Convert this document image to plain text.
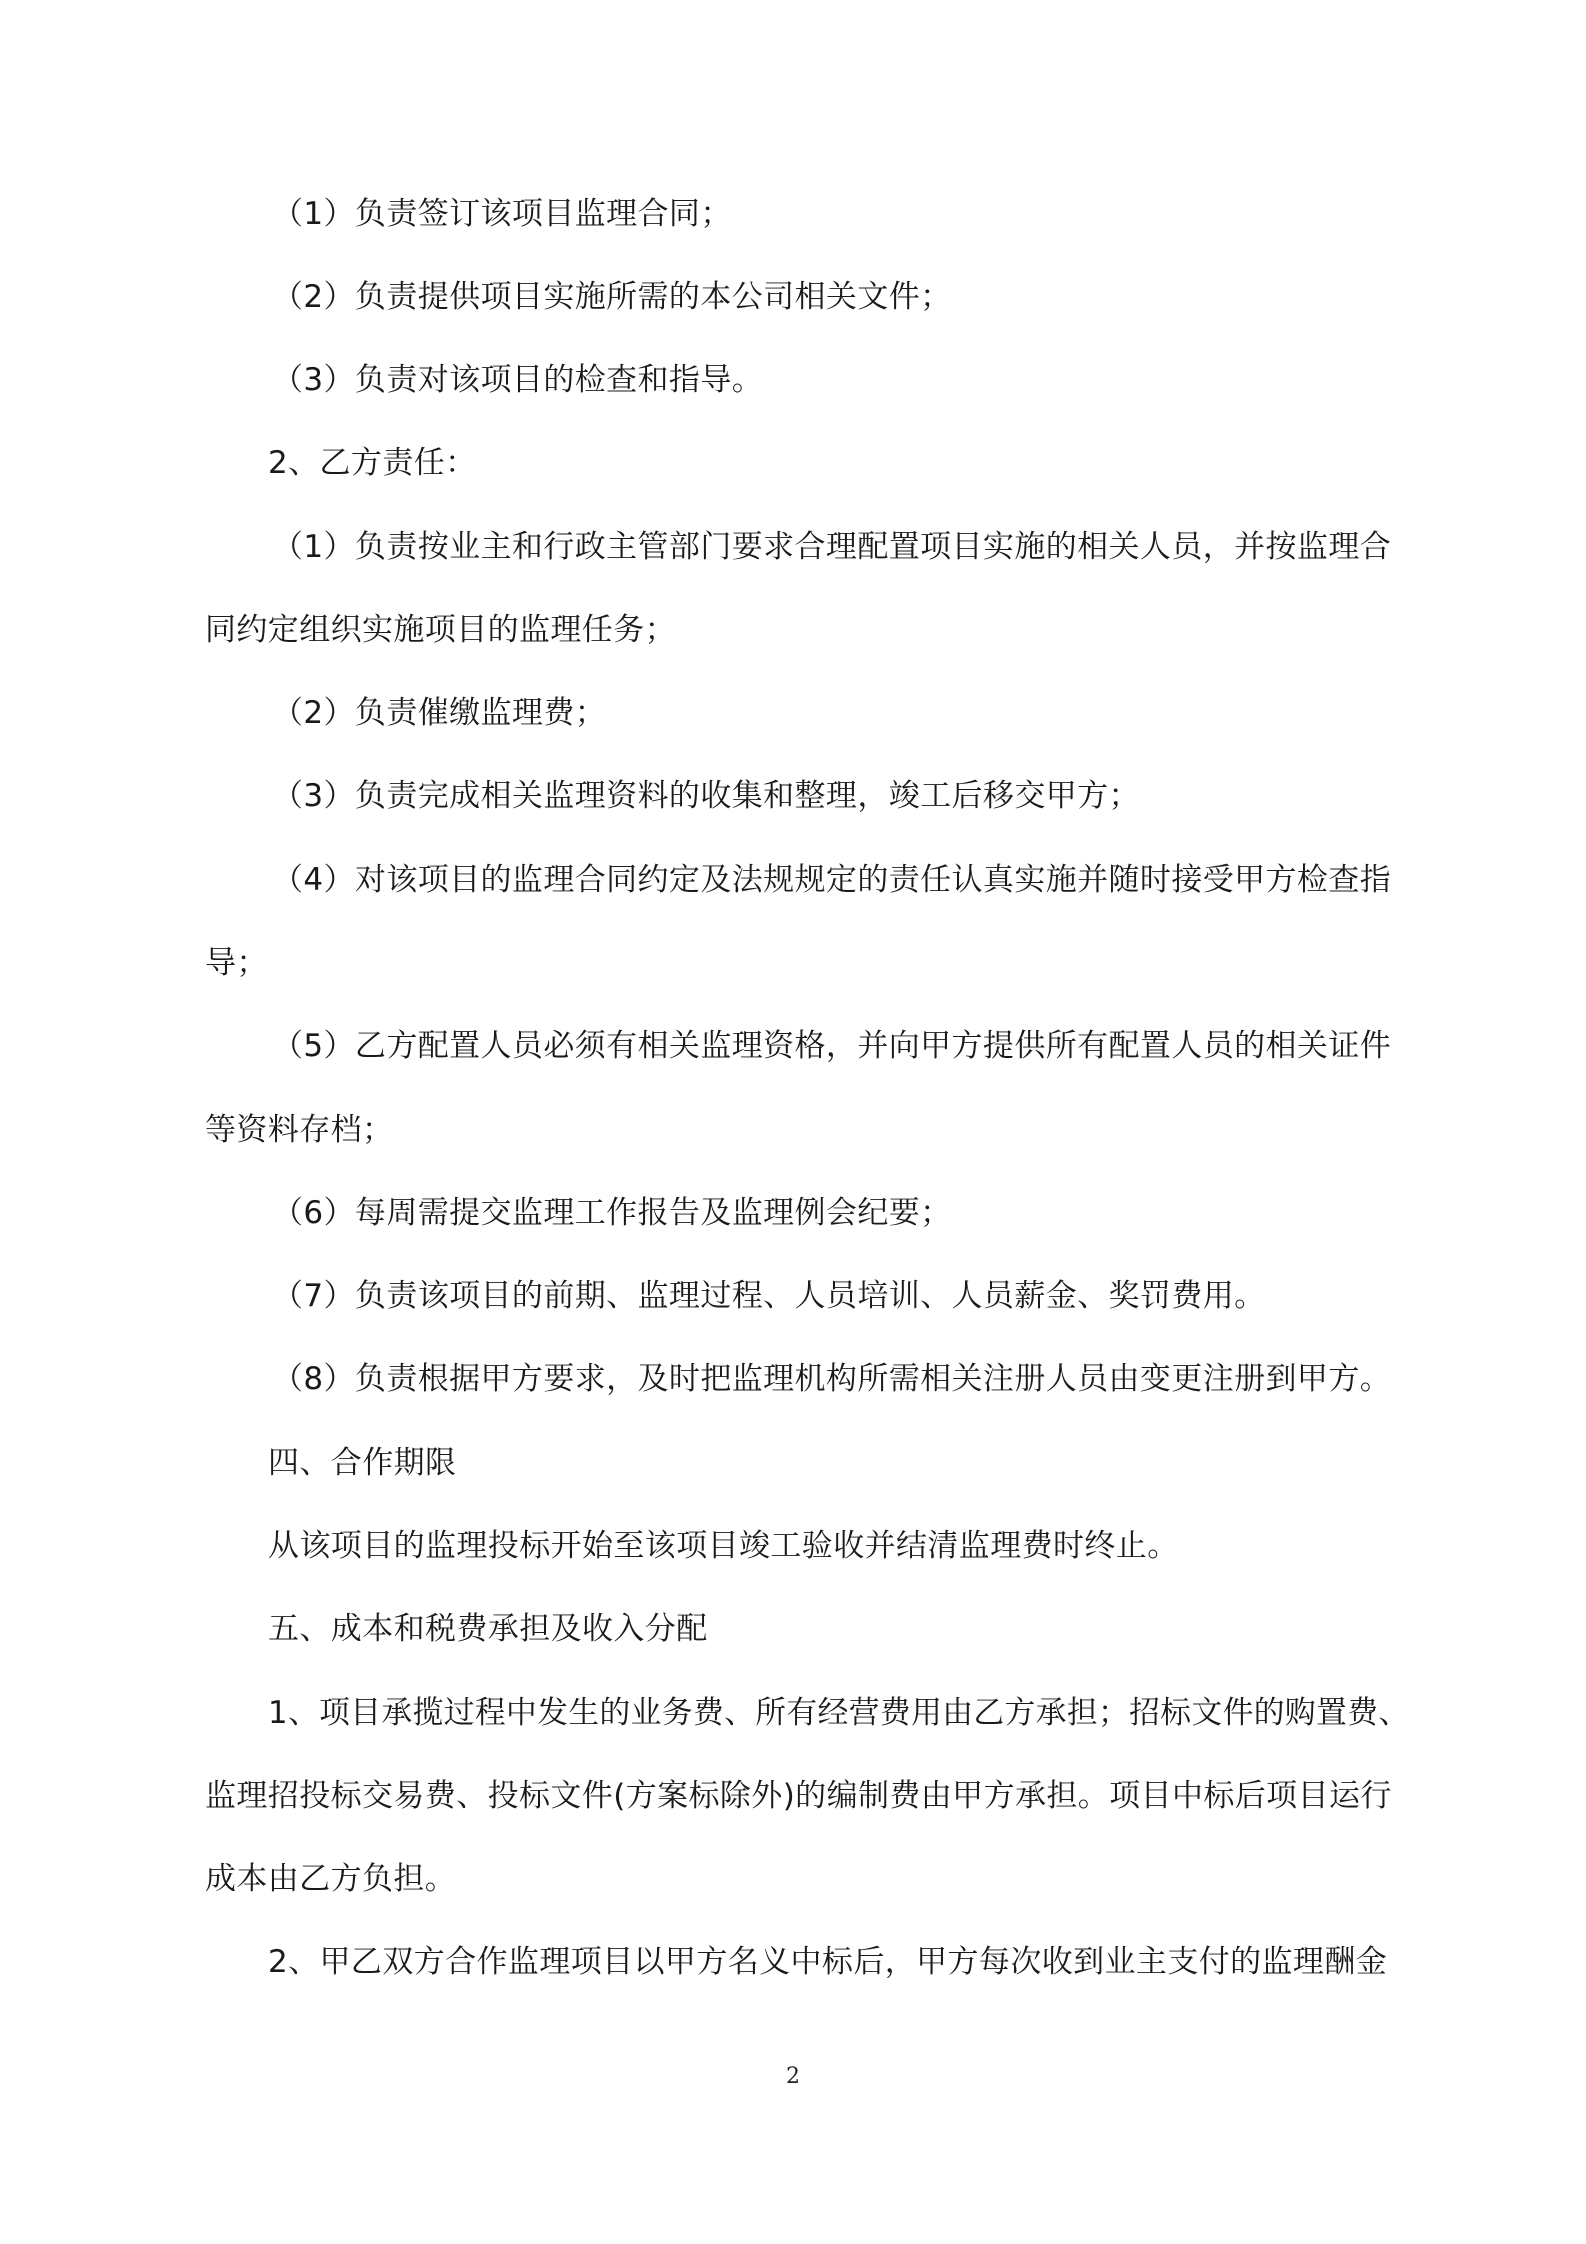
（1）负责签订该项目监理合同；

（2）负责提供项目实施所需的本公司相关文件；

（3）负责对该项目的检查和指导。

2、乙方责任：

（1）负责按业主和行政主管部门要求合理配置项目实施的相关人员，并按监理合

同约定组织实施项目的监理任务；

（2）负责催缴监理费；

（3）负责完成相关监理资料的收集和整理，竣工后移交甲方；

（4）对该项目的监理合同约定及法规规定的责任认真实施并随时接受甲方检查指

导；

（5）乙方配置人员必须有相关监理资格，并向甲方提供所有配置人员的相关证件

等资料存档；

（6）每周需提交监理工作报告及监理例会纪要；

（7）负责该项目的前期、监理过程、人员培训、人员薪金、奖罚费用。

（8）负责根据甲方要求，及时把监理机构所需相关注册人员由变更注册到甲方。

四、合作期限

从该项目的监理投标开始至该项目竣工验收并结清监理费时终止。

五、成本和税费承担及收入分配

1、项目承揽过程中发生的业务费、所有经营费用由乙方承担；招标文件的购置费、

监理招投标交易费、投标文件(方案标除外)的编制费由甲方承担。项目中标后项目运行

成本由乙方负担。

2、甲乙双方合作监理项目以甲方名义中标后，甲方每次收到业主支付的监理酬金

2
